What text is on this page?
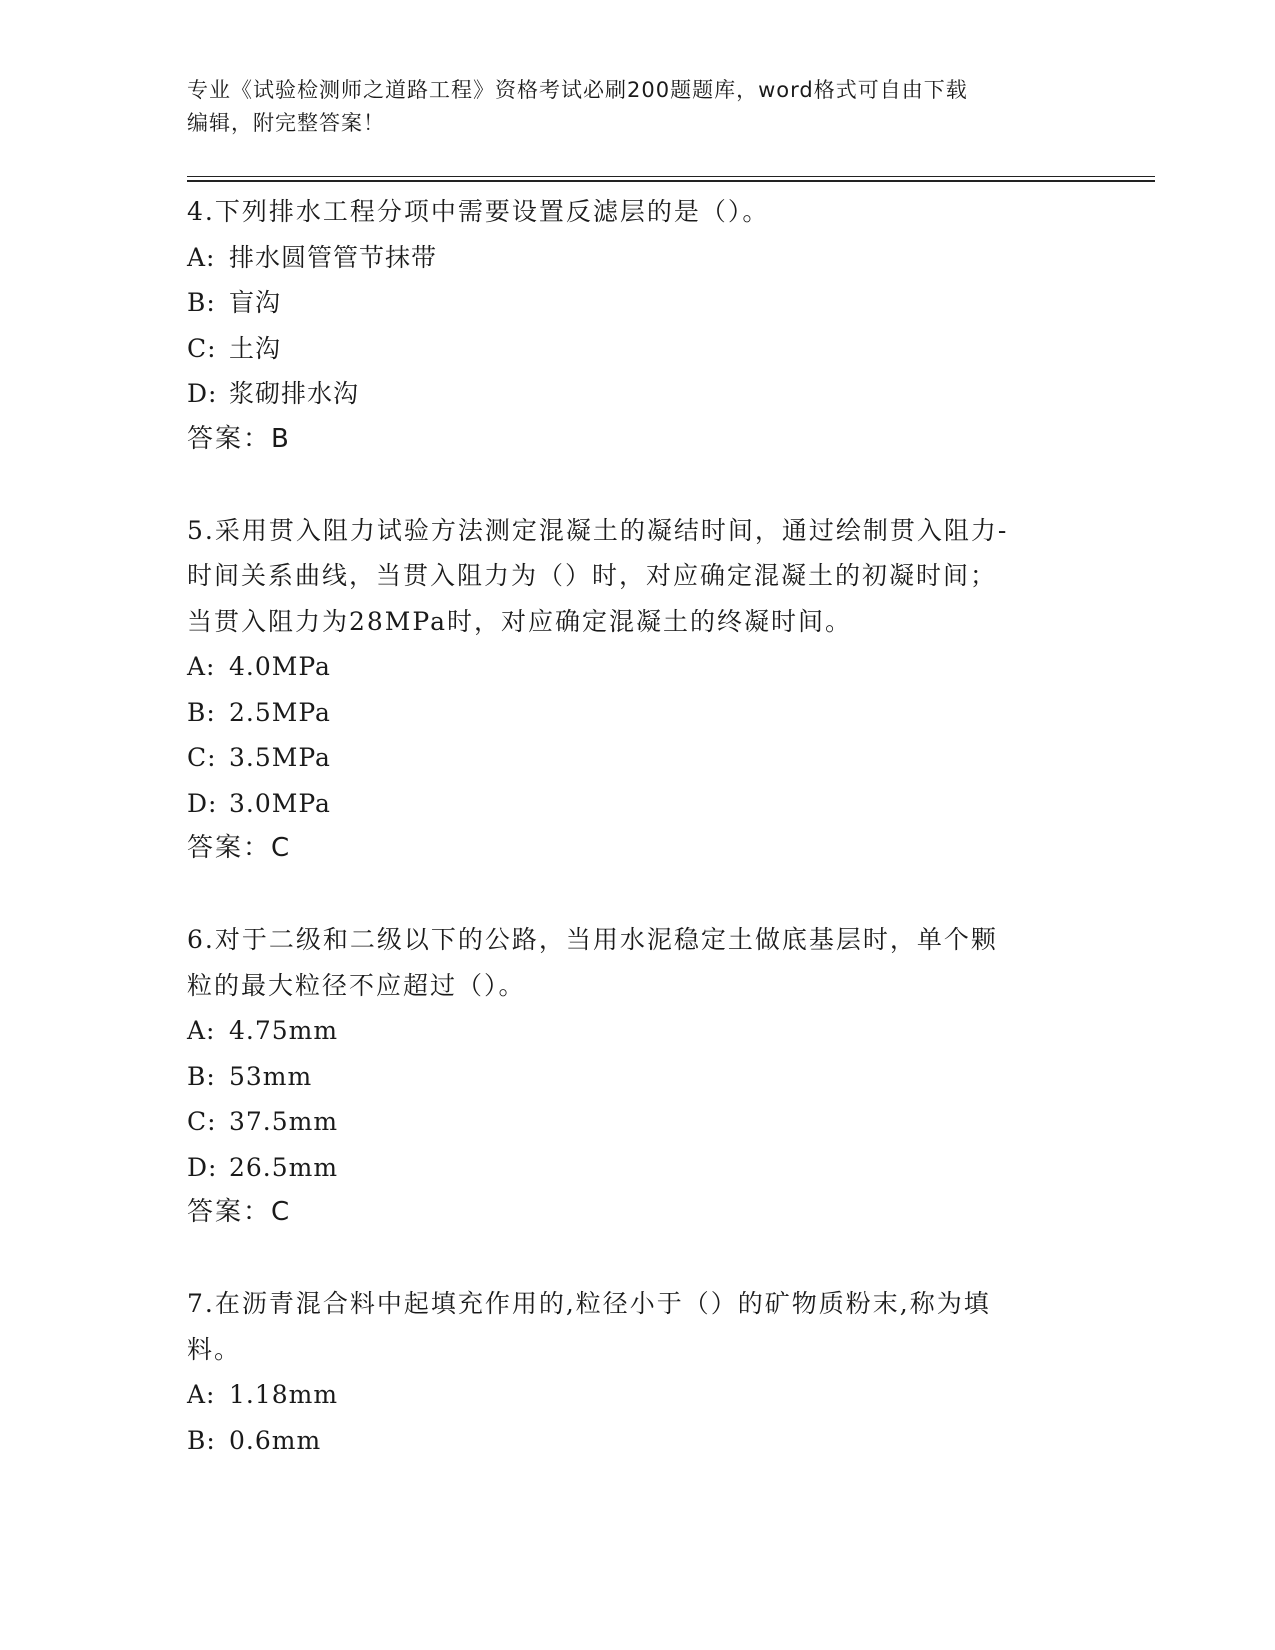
专业《试验检测师之道路工程》资格考试必刷200题题库，word格式可自由下载
编辑，附完整答案！
4.下列排水工程分项中需要设置反滤层的是（）。
A: 排水圆管管节抹带
B: 盲沟
C: 土沟
D: 浆砌排水沟
答案：B
5.采用贯入阻力试验方法测定混凝土的凝结时间，通过绘制贯入阻力-
时间关系曲线，当贯入阻力为（）时，对应确定混凝土的初凝时间；
当贯入阻力为28MPa时，对应确定混凝土的终凝时间。
A: 4.0MPa
B: 2.5MPa
C: 3.5MPa
D: 3.0MPa
答案：C
6.对于二级和二级以下的公路，当用水泥稳定土做底基层时，单个颗
粒的最大粒径不应超过（）。
A: 4.75mm
B: 53mm
C: 37.5mm
D: 26.5mm
答案：C
7.在沥青混合料中起填充作用的,粒径小于（）的矿物质粉末,称为填
料。
A: 1.18mm
B: 0.6mm
